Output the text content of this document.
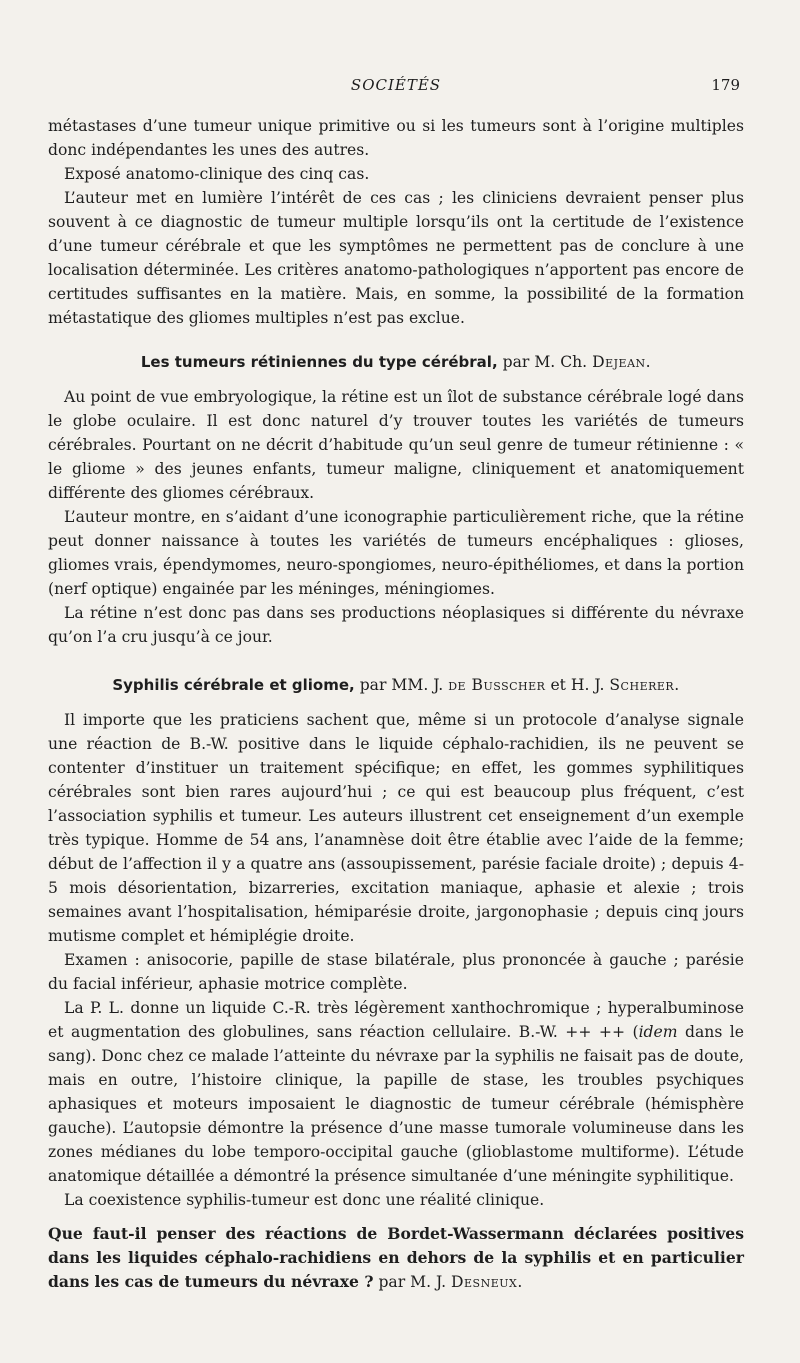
SOCIÉTÉS	179

métastases d’une tumeur unique primitive ou si les tumeurs sont à l’origine multiples donc indépendantes les unes des autres.

Exposé anatomo-clinique des cinq cas.

L’auteur met en lumière l’intérêt de ces cas ; les cliniciens devraient penser plus souvent à ce diagnostic de tumeur multiple lorsqu’ils ont la certitude de l’existence d’une tumeur cérébrale et que les symptômes ne permettent pas de conclure à une localisation déterminée. Les critères anatomo-pathologiques n’apportent pas encore de certitudes suffisantes en la matière. Mais, en somme, la possibilité de la formation métastatique des gliomes multiples n’est pas exclue.

Les tumeurs rétiniennes du type cérébral, par M. Ch. Dejean.

Au point de vue embryologique, la rétine est un îlot de substance cérébrale logé dans le globe oculaire. Il est donc naturel d’y trouver toutes les variétés de tumeurs cérébrales. Pourtant on ne décrit d’habitude qu’un seul genre de tumeur rétinienne : « le gliome » des jeunes enfants, tumeur maligne, cliniquement et anatomiquement différente des gliomes cérébraux.

L’auteur montre, en s’aidant d’une iconographie particulièrement riche, que la rétine peut donner naissance à toutes les variétés de tumeurs encéphaliques : glioses, gliomes vrais, épendymomes, neuro-spongiomes, neuro-épithéliomes, et dans la portion (nerf optique) engainée par les méninges, méningiomes.

La rétine n’est donc pas dans ses productions néoplasiques si différente du névraxe qu’on l’a cru jusqu’à ce jour.

Syphilis cérébrale et gliome, par MM. J. de Busscher et H. J. Scherer.

Il importe que les praticiens sachent que, même si un protocole d’analyse signale une réaction de B.-W. positive dans le liquide céphalo-rachidien, ils ne peuvent se contenter d’instituer un traitement spécifique; en effet, les gommes syphilitiques cérébrales sont bien rares aujourd’hui ; ce qui est beaucoup plus fréquent, c’est l’association syphilis et tumeur. Les auteurs illustrent cet enseignement d’un exemple très typique. Homme de 54 ans, l’anamnèse doit être établie avec l’aide de la femme; début de l’affection il y a quatre ans (assoupissement, parésie faciale droite) ; depuis 4-5 mois désorientation, bizarreries, excitation maniaque, aphasie et alexie ; trois semaines avant l’hospitalisation, hémiparésie droite, jargonophasie ; depuis cinq jours mutisme complet et hémiplégie droite.

Examen : anisocorie, papille de stase bilatérale, plus prononcée à gauche ; parésie du facial inférieur, aphasie motrice complète.

La P. L. donne un liquide C.-R. très légèrement xanthochromique ; hyperalbuminose et augmentation des globulines, sans réaction cellulaire. B.-W. ++ ++ (idem dans le sang). Donc chez ce malade l’atteinte du névraxe par la syphilis ne faisait pas de doute, mais en outre, l’histoire clinique, la papille de stase, les troubles psychiques aphasiques et moteurs imposaient le diagnostic de tumeur cérébrale (hémisphère gauche). L’autopsie démontre la présence d’une masse tumorale volumineuse dans les zones médianes du lobe temporo-occipital gauche (glioblastome multiforme). L’étude anatomique détaillée a démontré la présence simultanée d’une méningite syphilitique.

La coexistence syphilis-tumeur est donc une réalité clinique.

Que faut-il penser des réactions de Bordet-Wassermann déclarées positives dans les liquides céphalo-rachidiens en dehors de la syphilis et en particulier dans les cas de tumeurs du névraxe ? par M. J. Desneux.
